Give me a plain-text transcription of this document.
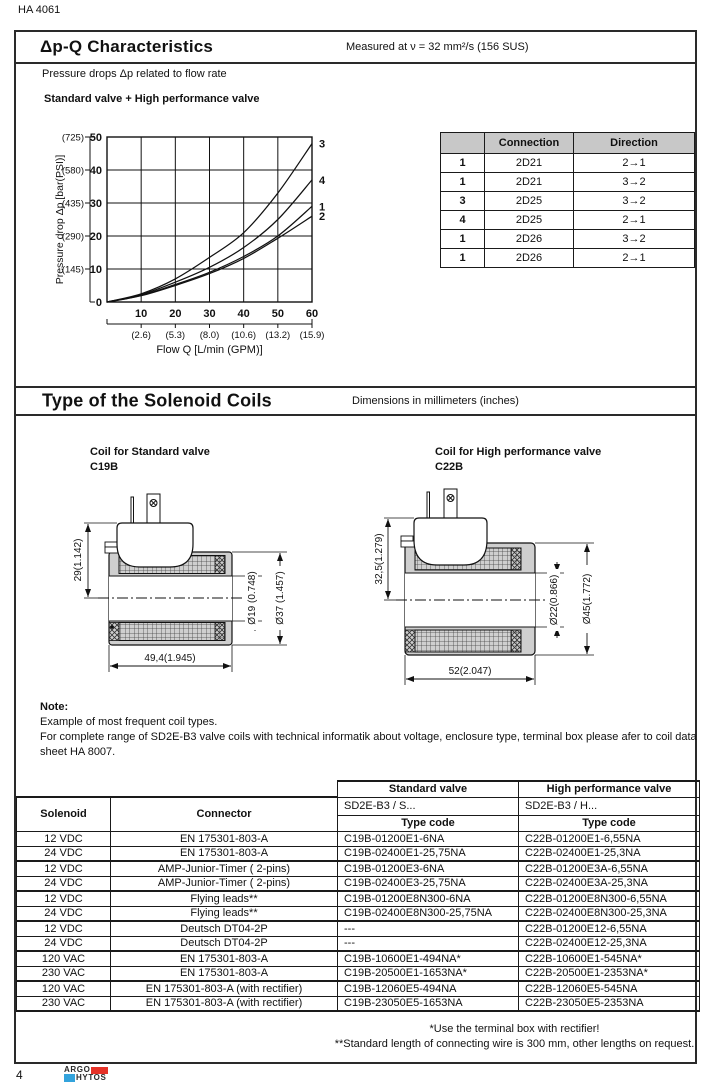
HA 4061
Δp-Q Characteristics	Measured at ν = 32 mm²/s (156 SUS)
Pressure drops Δp related to flow rate
Standard valve + High performance valve
10 20 30 40 50 60
0
10
20
30
40
50
(145)
(290)
(435)
(580)
(725)
(2.6) (5.3) (8.0) (10.6) (13.2) (15.9)
Flow Q [L/min (GPM)]
Pressure drop Δp [bar(PSI)]
3
4
1
2
	Connection	Direction
1	2D21	2→1
1	2D21	3→2
3	2D25	3→2
4	2D25	2→1
1	2D26	3→2
1	2D26	2→1
Type of the Solenoid Coils	Dimensions in millimeters (inches)
Coil for Standard valve
C19B
Coil for High performance valve
C22B
29(1.142)
49,4(1.945)
Ø19 (0.748) Ø37 (1.457)
32,5(1.279)
52(2.047)
Ø22(0.866) Ø45(1.772)
Note:
Example of most frequent coil types.
For complete range of SD2E-B3 valve coils with technical informatik about voltage, enclosure type, terminal box please afer to coil data sheet HA 8007.
		Standard valve	High performance valve
Solenoid	Connector	SD2E-B3 / S...	SD2E-B3 / H...
		Type code	Type code
12 VDC	EN 175301-803-A	C19B-01200E1-6NA	C22B-01200E1-6,55NA
24 VDC	EN 175301-803-A	C19B-02400E1-25,75NA	C22B-02400E1-25,3NA
12 VDC	AMP-Junior-Timer ( 2-pins)	C19B-01200E3-6NA	C22B-01200E3A-6,55NA
24 VDC	AMP-Junior-Timer ( 2-pins)	C19B-02400E3-25,75NA	C22B-02400E3A-25,3NA
12 VDC	Flying leads**	C19B-01200E8N300-6NA	C22B-01200E8N300-6,55NA
24 VDC	Flying leads**	C19B-02400E8N300-25,75NA	C22B-02400E8N300-25,3NA
12 VDC	Deutsch DT04-2P	---	C22B-01200E12-6,55NA
24 VDC	Deutsch DT04-2P	---	C22B-02400E12-25,3NA
120 VAC	EN 175301-803-A	C19B-10600E1-494NA*	C22B-10600E1-545NA*
230 VAC	EN 175301-803-A	C19B-20500E1-1653NA*	C22B-20500E1-2353NA*
120 VAC	EN 175301-803-A (with rectifier)	C19B-12060E5-494NA	C22B-12060E5-545NA
230 VAC	EN 175301-803-A (with rectifier)	C19B-23050E5-1653NA	C22B-23050E5-2353NA
*Use the terminal box with rectifier!
**Standard length of connecting wire is 300 mm, other lengths on request.
4	ARGO
HYTOS
